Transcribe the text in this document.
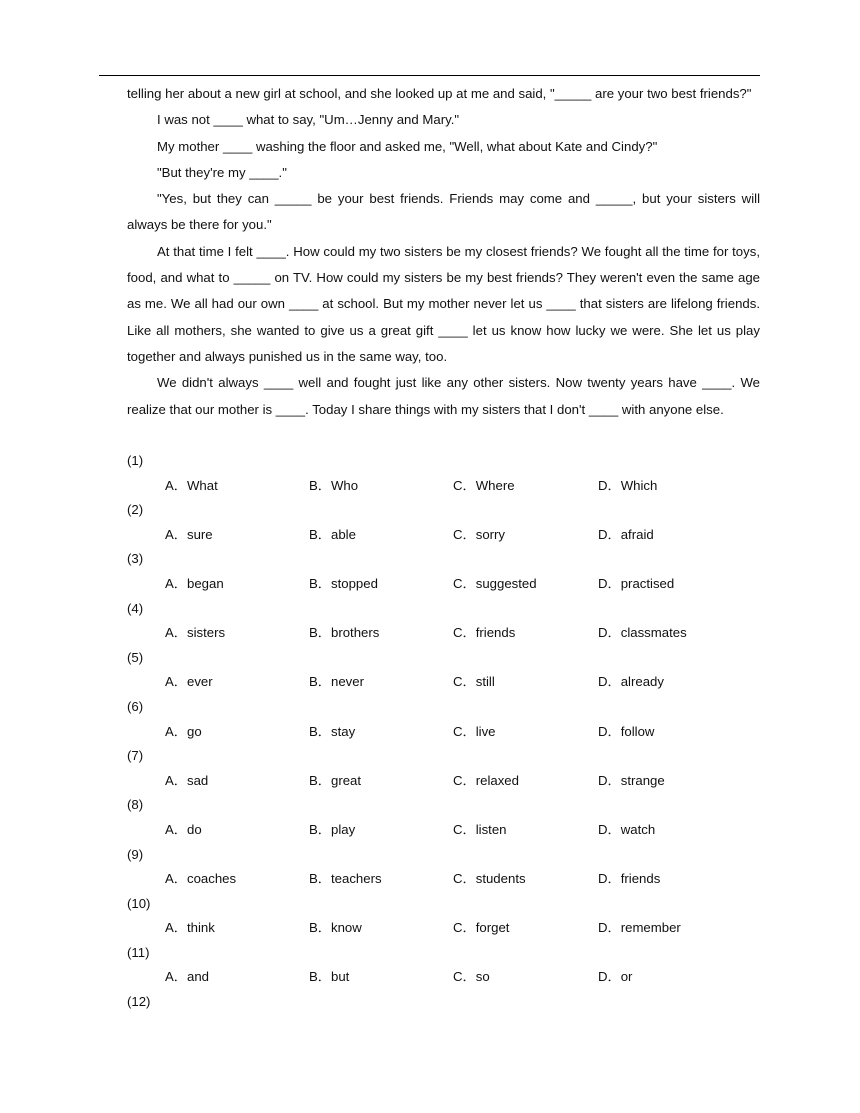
telling her about a new girl at school, and she looked up at me and said, "_____ are your two best friends?"

I was not ____ what to say, "Um…Jenny and Mary."

My mother ____ washing the floor and asked me, "Well, what about Kate and Cindy?"

"But they're my ____."

"Yes, but they can _____ be your best friends. Friends may come and _____, but your sisters will always be there for you."

At that time I felt ____. How could my two sisters be my closest friends? We fought all the time for toys, food, and what to _____ on TV. How could my sisters be my best friends? They weren't even the same age as me. We all had our own ____ at school. But my mother never let us ____ that sisters are lifelong friends. Like all mothers, she wanted to give us a great gift ____ let us know how lucky we were. She let us play together and always punished us in the same way, too.

We didn't always ____ well and fought just like any other sisters. Now twenty years have ____. We realize that our mother is ____. Today I share things with my sisters that I don't ____ with anyone else.

(1)
A．What	B．Who	C．Where	D．Which
(2)
A．sure	B．able	C．sorry	D．afraid
(3)
A．began	B．stopped	C．suggested	D．practised
(4)
A．sisters	B．brothers	C．friends	D．classmates
(5)
A．ever	B．never	C．still	D．already
(6)
A．go	B．stay	C．live	D．follow
(7)
A．sad	B．great	C．relaxed	D．strange
(8)
A．do	B．play	C．listen	D．watch
(9)
A．coaches	B．teachers	C．students	D．friends
(10)
A．think	B．know	C．forget	D．remember
(11)
A．and	B．but	C．so	D．or
(12)
